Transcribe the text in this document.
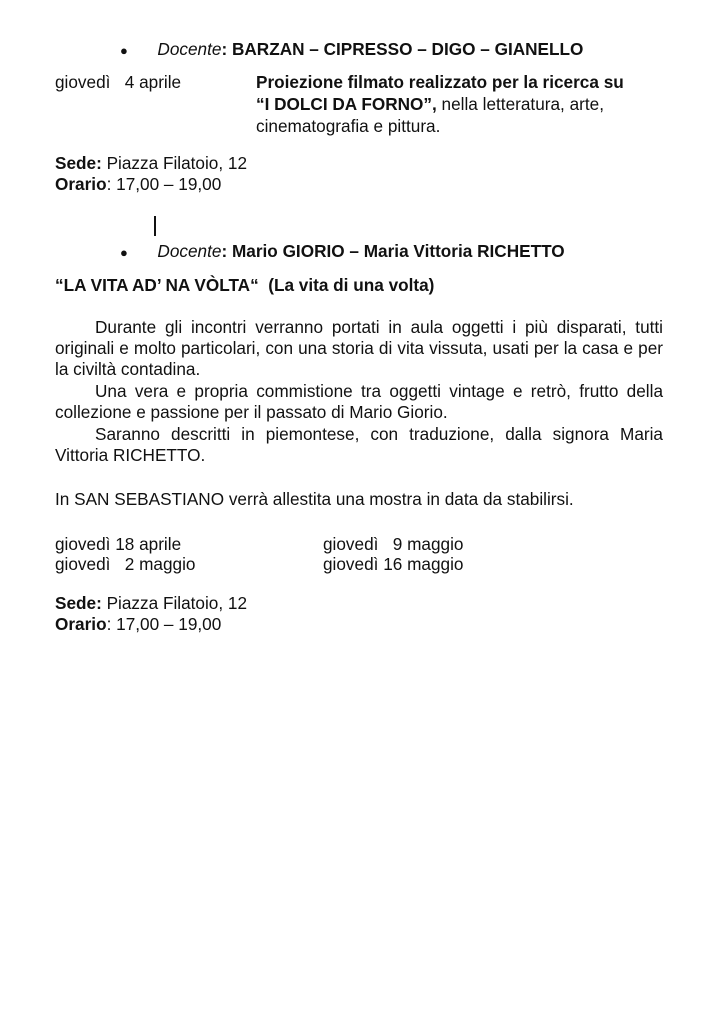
● Docente: BARZAN – CIPRESSO – DIGO – GIANELLO
giovedì   4 aprile	Proiezione filmato realizzato per la ricerca su
“I DOLCI DA FORNO”, nella letteratura, arte,
cinematografia e pittura.
Sede: Piazza Filatoio, 12
Orario: 17,00 – 19,00
● Docente: Mario GIORIO – Maria Vittoria RICHETTO
“LA VITA AD’ NA VÒLTA“  (La vita di una volta)
Durante gli incontri verranno portati in aula oggetti i più disparati, tutti originali e molto particolari, con una storia di vita vissuta, usati per la casa e per la civiltà contadina.
Una vera e propria commistione tra oggetti vintage e retrò, frutto della collezione e passione per il passato di Mario Giorio.
Saranno descritti in piemontese, con traduzione, dalla signora Maria Vittoria RICHETTO.
In SAN SEBASTIANO verrà allestita una mostra in data da stabilirsi.
giovedì 18 aprile	giovedì   9 maggio
giovedì   2 maggio	giovedì 16 maggio
Sede: Piazza Filatoio, 12
Orario: 17,00 – 19,00
